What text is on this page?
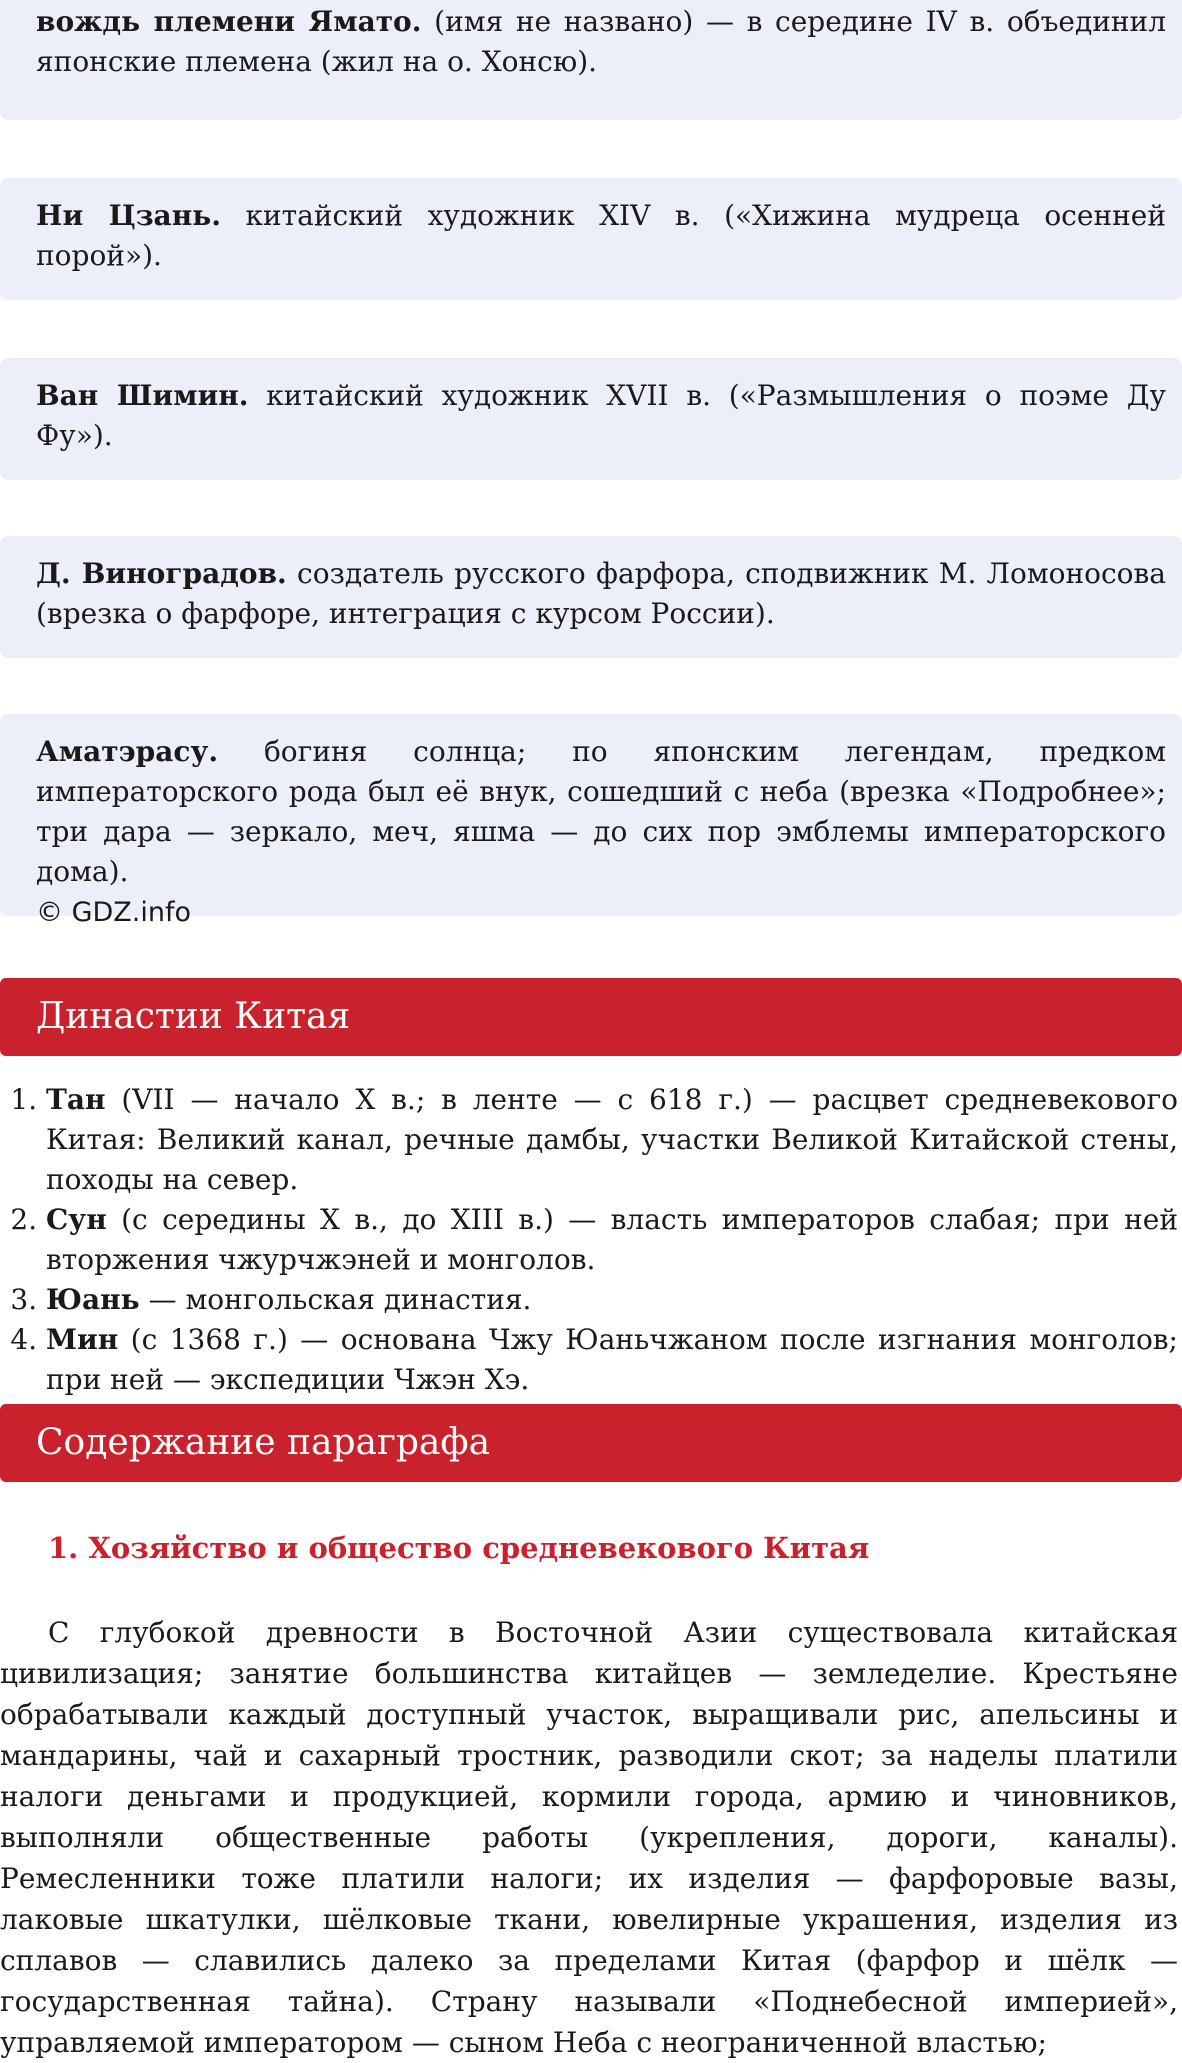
вождь племени Ямато. (имя не названо) — в середине IV в. объединил японские племена (жил на о. Хонсю).
Ни Цзань. китайский художник XIV в. («Хижина мудреца осенней порой»).
Ван Шимин. китайский художник XVII в. («Размышления о поэме Ду Фу»).
Д. Виноградов. создатель русского фарфора, сподвижник М. Ломоносова (врезка о фарфоре, интеграция с курсом России).
Аматэрасу. богиня солнца; по японским легендам, предком императорского рода был её внук, сошедший с неба (врезка «Подробнее»; три дара — зеркало, меч, яшма — до сих пор эмблемы императорского дома).
© GDZ.info
Династии Китая
1. Тан (VII — начало X в.; в ленте — с 618 г.) — расцвет средневекового Китая: Великий канал, речные дамбы, участки Великой Китайской стены, походы на север.
2. Сун (с середины X в., до XIII в.) — власть императоров слабая; при ней вторжения чжурчжэней и монголов.
3. Юань — монгольская династия.
4. Мин (с 1368 г.) — основана Чжу Юаньчжаном после изгнания монголов; при ней — экспедиции Чжэн Хэ.
Содержание параграфа
1. Хозяйство и общество средневекового Китая

С глубокой древности в Восточной Азии существовала китайская цивилизация; занятие большинства китайцев — земледелие. Крестьяне обрабатывали каждый доступный участок, выращивали рис, апельсины и мандарины, чай и сахарный тростник, разводили скот; за наделы платили налоги деньгами и продукцией, кормили города, армию и чиновников, выполняли общественные работы (укрепления, дороги, каналы). Ремесленники тоже платили налоги; их изделия — фарфоровые вазы, лаковые шкатулки, шёлковые ткани, ювелирные украшения, изделия из сплавов — славились далеко за пределами Китая (фарфор и шёлк — государственная тайна). Страну называли «Поднебесной империей», управляемой императором — сыном Неба с неограниченной властью;
